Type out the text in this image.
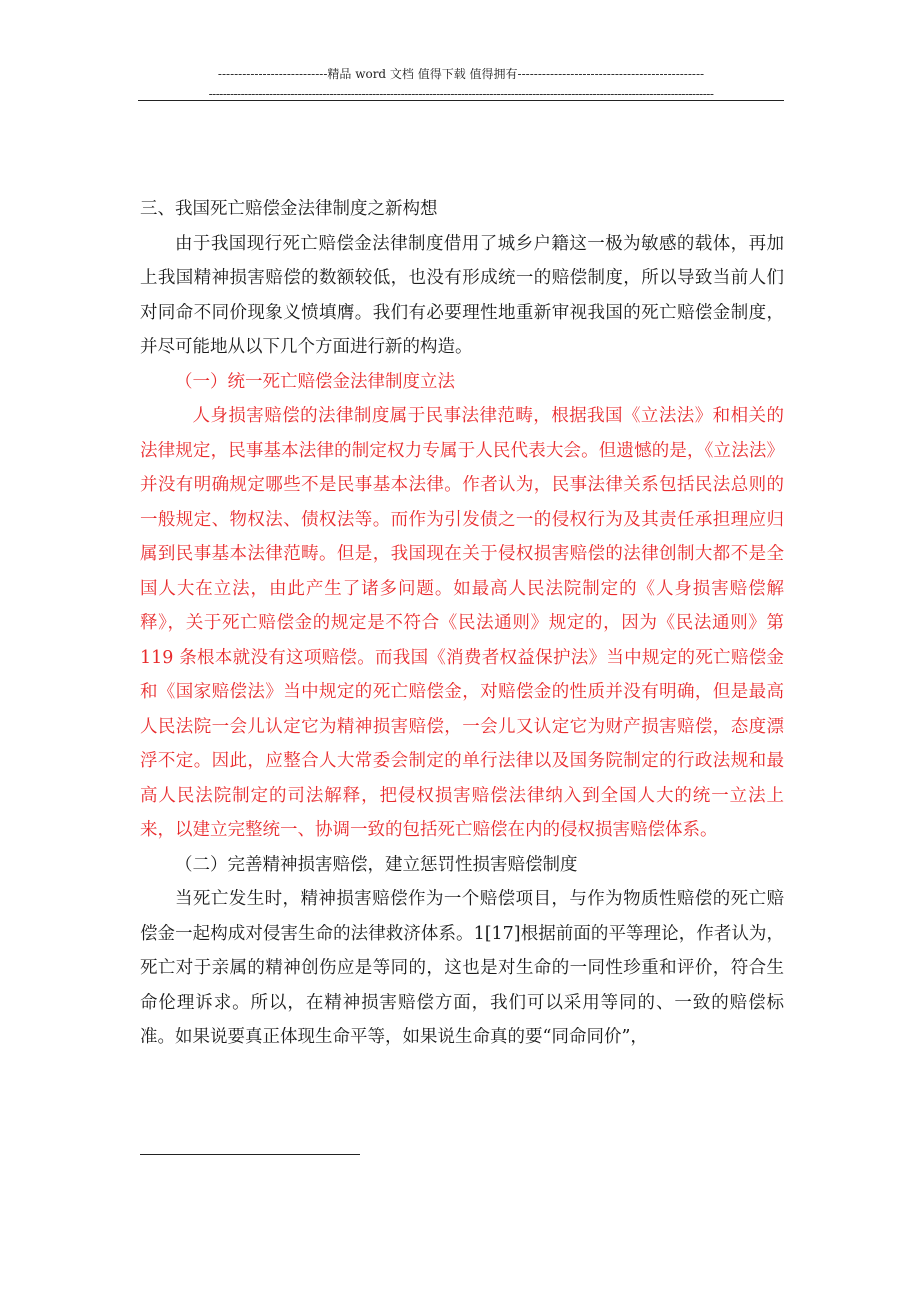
---------------------------精品 word 文档 值得下载 值得拥有----------------------------------------------
----------------------------------------------------------------------------------------------------------------------------------------------

三、我国死亡赔偿金法律制度之新构想

由于我国现行死亡赔偿金法律制度借用了城乡户籍这一极为敏感的载体，再加上我国精神损害赔偿的数额较低，也没有形成统一的赔偿制度，所以导致当前人们对同命不同价现象义愤填膺。我们有必要理性地重新审视我国的死亡赔偿金制度，并尽可能地从以下几个方面进行新的构造。

（一）统一死亡赔偿金法律制度立法

人身损害赔偿的法律制度属于民事法律范畴，根据我国《立法法》和相关的法律规定，民事基本法律的制定权力专属于人民代表大会。但遗憾的是，《立法法》并没有明确规定哪些不是民事基本法律。作者认为，民事法律关系包括民法总则的一般规定、物权法、债权法等。而作为引发债之一的侵权行为及其责任承担理应归属到民事基本法律范畴。但是，我国现在关于侵权损害赔偿的法律创制大都不是全国人大在立法，由此产生了诸多问题。如最高人民法院制定的《人身损害赔偿解释》，关于死亡赔偿金的规定是不符合《民法通则》规定的，因为《民法通则》第 119 条根本就没有这项赔偿。而我国《消费者权益保护法》当中规定的死亡赔偿金和《国家赔偿法》当中规定的死亡赔偿金，对赔偿金的性质并没有明确，但是最高人民法院一会儿认定它为精神损害赔偿，一会儿又认定它为财产损害赔偿，态度漂浮不定。因此，应整合人大常委会制定的单行法律以及国务院制定的行政法规和最高人民法院制定的司法解释，把侵权损害赔偿法律纳入到全国人大的统一立法上来，以建立完整统一、协调一致的包括死亡赔偿在内的侵权损害赔偿体系。

（二）完善精神损害赔偿，建立惩罚性损害赔偿制度

当死亡发生时，精神损害赔偿作为一个赔偿项目，与作为物质性赔偿的死亡赔偿金一起构成对侵害生命的法律救济体系。1[17]根据前面的平等理论，作者认为，死亡对于亲属的精神创伤应是等同的，这也是对生命的一同性珍重和评价，符合生命伦理诉求。所以，在精神损害赔偿方面，我们可以采用等同的、一致的赔偿标准。如果说要真正体现生命平等，如果说生命真的要“同命同价”，
